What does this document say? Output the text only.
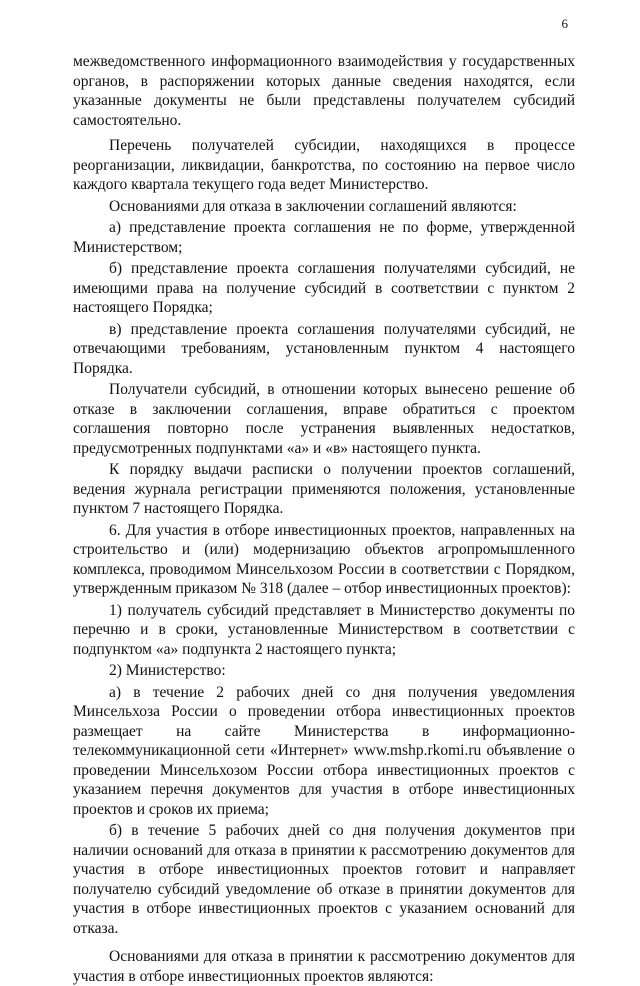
6

межведомственного информационного взаимодействия у государственных органов, в распоряжении которых данные сведения находятся, если указанные документы не были представлены получателем субсидий самостоятельно.

Перечень получателей субсидии, находящихся в процессе реорганизации, ликвидации, банкротства, по состоянию на первое число каждого квартала текущего года ведет Министерство.

Основаниями для отказа в заключении соглашений являются:

а) представление проекта соглашения не по форме, утвержденной Министерством;

б) представление проекта соглашения получателями субсидий, не имеющими права на получение субсидий в соответствии с пунктом 2 настоящего Порядка;

в) представление проекта соглашения получателями субсидий, не отвечающими требованиям, установленным пунктом 4 настоящего Порядка.

Получатели субсидий, в отношении которых вынесено решение об отказе в заключении соглашения, вправе обратиться с проектом соглашения повторно после устранения выявленных недостатков, предусмотренных подпунктами «а» и «в» настоящего пункта.

К порядку выдачи расписки о получении проектов соглашений, ведения журнала регистрации применяются положения, установленные пунктом 7 настоящего Порядка.

6. Для участия в отборе инвестиционных проектов, направленных на строительство и (или) модернизацию объектов агропромышленного комплекса, проводимом Минсельхозом России в соответствии с Порядком, утвержденным приказом № 318 (далее – отбор инвестиционных проектов):

1) получатель субсидий представляет в Министерство документы по перечню и в сроки, установленные Министерством в соответствии с подпунктом «а» подпункта 2 настоящего пункта;

2) Министерство:

а) в течение 2 рабочих дней со дня получения уведомления Минсельхоза России о проведении отбора инвестиционных проектов размещает на сайте Министерства в информационно-телекоммуникационной сети «Интернет» www.mshp.rkomi.ru объявление о проведении Минсельхозом России отбора инвестиционных проектов с указанием перечня документов для участия в отборе инвестиционных проектов и сроков их приема;

б) в течение 5 рабочих дней со дня получения документов при наличии оснований для отказа в принятии к рассмотрению документов для участия в отборе инвестиционных проектов готовит и направляет получателю субсидий уведомление об отказе в принятии документов для участия в отборе инвестиционных проектов с указанием оснований для отказа.

Основаниями для отказа в принятии к рассмотрению документов для участия в отборе инвестиционных проектов являются:
